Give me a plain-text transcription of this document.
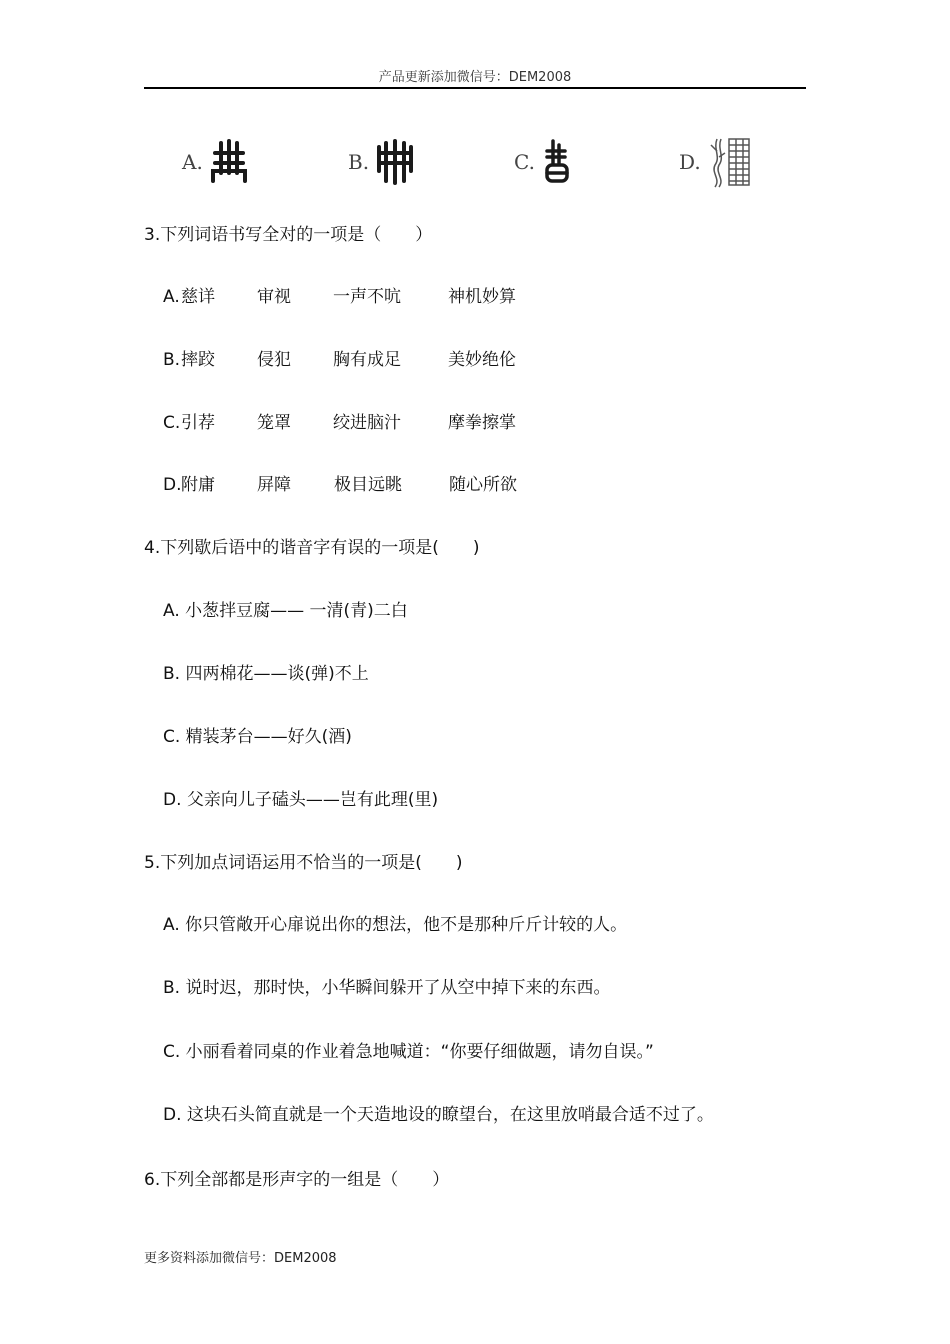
产品更新添加微信号：DEM2008
A.	B.	C.	D.
3.下列词语书写全对的一项是（　　）
A. 慈详 审视 一声不吭	神机妙算
B. 摔跤 侵犯 胸有成足	美妙绝伦
C. 引荐 笼罩 绞进脑汁	摩拳擦掌
D. 附庸 屏障	极目远眺	随心所欲
4.下列歇后语中的谐音字有误的一项是(　　)
A. 小葱拌豆腐—— 一清(青)二白
B. 四两棉花——谈(弹)不上
C. 精装茅台——好久(酒)
D. 父亲向儿子磕头——岂有此理(里)
5.下列加点词语运用不恰当的一项是(　　)
A. 你只管敞开心扉说出你的想法，他不是那种斤斤计较的人。
B. 说时迟，那时快，小华瞬间躲开了从空中掉下来的东西。
C. 小丽看着同桌的作业着急地喊道：“你要仔细做题，请勿自误。”
D. 这块石头简直就是一个天造地设的瞭望台，在这里放哨最合适不过了。
6.下列全部都是形声字的一组是（　　）
更多资料添加微信号：DEM2008
